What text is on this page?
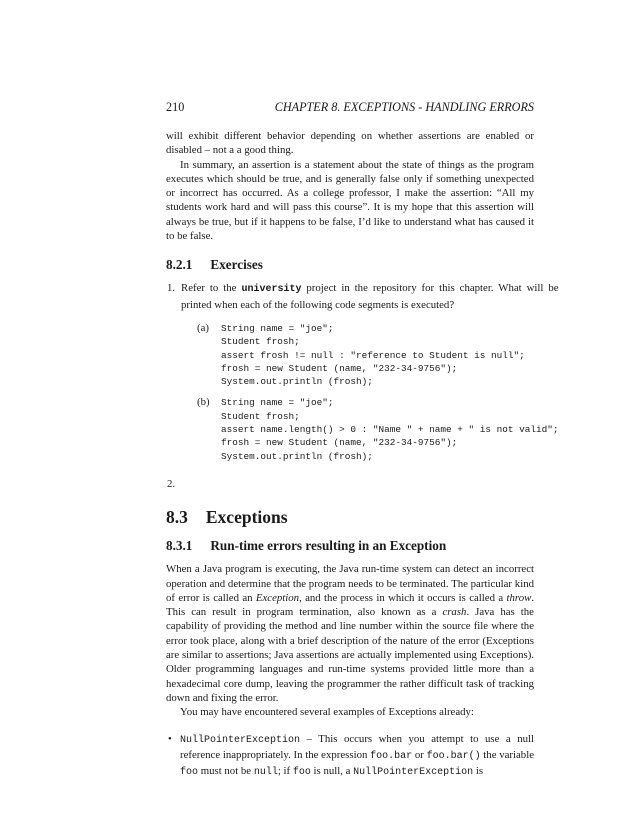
210	CHAPTER 8. EXCEPTIONS - HANDLING ERRORS

will exhibit different behavior depending on whether assertions are enabled or disabled – not a a good thing.

In summary, an assertion is a statement about the state of things as the program executes which should be true, and is generally false only if something unexpected or incorrect has occurred. As a college professor, I make the assertion: “All my students work hard and will pass this course”. It is my hope that this assertion will always be true, but if it happens to be false, I’d like to understand what has caused it to be false.

8.2.1 Exercises
1. Refer to the university project in the repository for this chapter. What will be printed when each of the following code segments is executed?
(a)	String name = "joe";
Student frosh;
assert frosh != null : "reference to Student is null";
frosh = new Student (name, "232-34-9756");
System.out.println (frosh);
(b)	String name = "joe";
Student frosh;
assert name.length() > 0 : "Name " + name + " is not valid";
frosh = new Student (name, "232-34-9756");
System.out.println (frosh);
2.
8.3 Exceptions
8.3.1 Run-time errors resulting in an Exception

When a Java program is executing, the Java run-time system can detect an incorrect operation and determine that the program needs to be terminated. The particular kind of error is called an Exception, and the process in which it occurs is called a throw. This can result in program termination, also known as a crash. Java has the capability of providing the method and line number within the source file where the error took place, along with a brief description of the nature of the error (Exceptions are similar to assertions; Java assertions are actually implemented using Exceptions). Older programming languages and run-time systems provided little more than a hexadecimal core dump, leaving the programmer the rather difficult task of tracking down and fixing the error.

You may have encountered several examples of Exceptions already:

• NullPointerException – This occurs when you attempt to use a null reference inappropriately. In the expression foo.bar or foo.bar() the variable foo must not be null; if foo is null, a NullPointerException is
